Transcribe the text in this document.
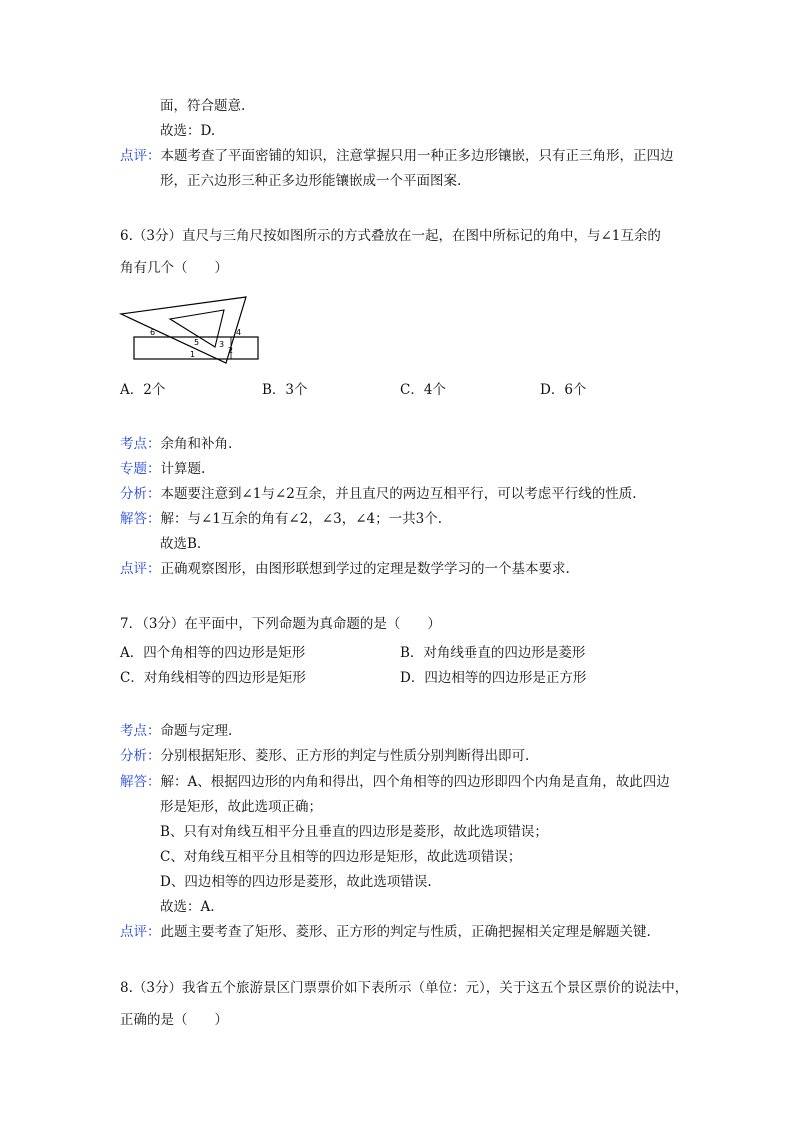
面，符合题意.
故选：D.
点评：本题考查了平面密铺的知识，注意掌握只用一种正多边形镶嵌，只有正三角形，正四边
形，正六边形三种正多边形能镶嵌成一个平面图案.
6.（3分）直尺与三角尺按如图所示的方式叠放在一起，在图中所标记的角中，与∠1互余的
角有几个（　　）
6
5 3
4
1	2
A．2个	B．3个	C．4个	D．6个
考点：余角和补角.
专题：计算题.
分析：本题要注意到∠1与∠2互余，并且直尺的两边互相平行，可以考虑平行线的性质.
解答：解：与∠1互余的角有∠2，∠3，∠4；一共3个.
故选B.
点评：正确观察图形，由图形联想到学过的定理是数学学习的一个基本要求.
7．（3分）在平面中，下列命题为真命题的是（　　）
A．四个角相等的四边形是矩形	B．对角线垂直的四边形是菱形
C．对角线相等的四边形是矩形	D．四边相等的四边形是正方形
考点：命题与定理.
分析：分别根据矩形、菱形、正方形的判定与性质分别判断得出即可.
解答：解：A、根据四边形的内角和得出，四个角相等的四边形即四个内角是直角，故此四边
形是矩形，故此选项正确；
B、只有对角线互相平分且垂直的四边形是菱形，故此选项错误；
C、对角线互相平分且相等的四边形是矩形，故此选项错误；
D、四边相等的四边形是菱形，故此选项错误.
故选：A.
点评：此题主要考查了矩形、菱形、正方形的判定与性质，正确把握相关定理是解题关键.
8.（3分）我省五个旅游景区门票票价如下表所示（单位：元），关于这五个景区票价的说法中，
正确的是（　　）
